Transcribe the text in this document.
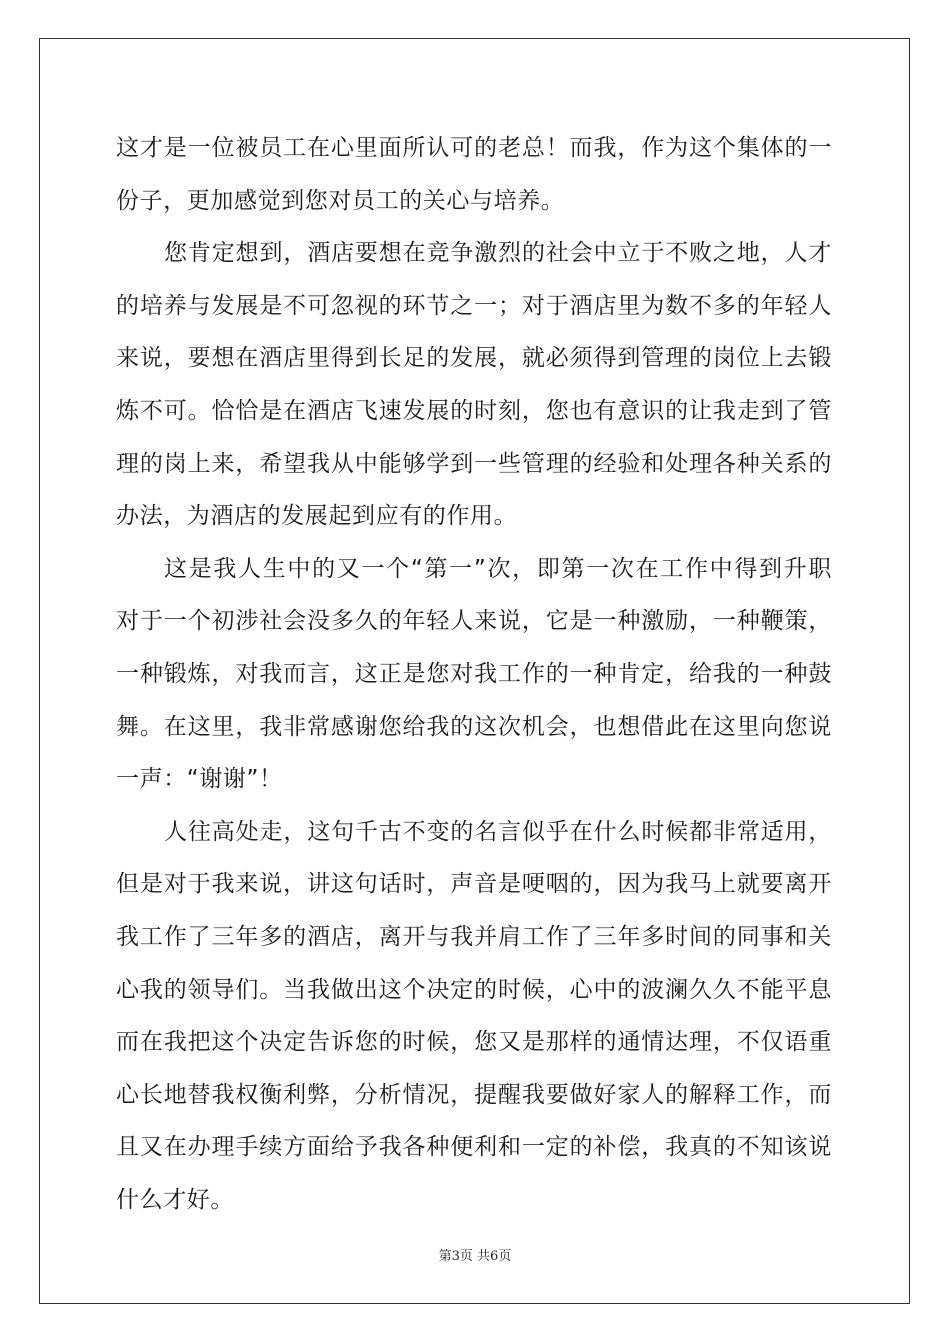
这才是一位被员工在心里面所认可的老总！而我，作为这个集体的一
份子，更加感觉到您对员工的关心与培养。
您肯定想到，酒店要想在竞争激烈的社会中立于不败之地，人才
的培养与发展是不可忽视的环节之一；对于酒店里为数不多的年轻人
来说，要想在酒店里得到长足的发展，就必须得到管理的岗位上去锻
炼不可。恰恰是在酒店飞速发展的时刻，您也有意识的让我走到了管
理的岗上来，希望我从中能够学到一些管理的经验和处理各种关系的
办法，为酒店的发展起到应有的作用。
这是我人生中的又一个“第一”次，即第一次在工作中得到升职
对于一个初涉社会没多久的年轻人来说，它是一种激励，一种鞭策，
一种锻炼，对我而言，这正是您对我工作的一种肯定，给我的一种鼓
舞。在这里，我非常感谢您给我的这次机会，也想借此在这里向您说
一声：“谢谢”！
人往高处走，这句千古不变的名言似乎在什么时候都非常适用，
但是对于我来说，讲这句话时，声音是哽咽的，因为我马上就要离开
我工作了三年多的酒店，离开与我并肩工作了三年多时间的同事和关
心我的领导们。当我做出这个决定的时候，心中的波澜久久不能平息
而在我把这个决定告诉您的时候，您又是那样的通情达理，不仅语重
心长地替我权衡利弊，分析情况，提醒我要做好家人的解释工作，而
且又在办理手续方面给予我各种便利和一定的补偿，我真的不知该说
什么才好。
第3页 共6页
